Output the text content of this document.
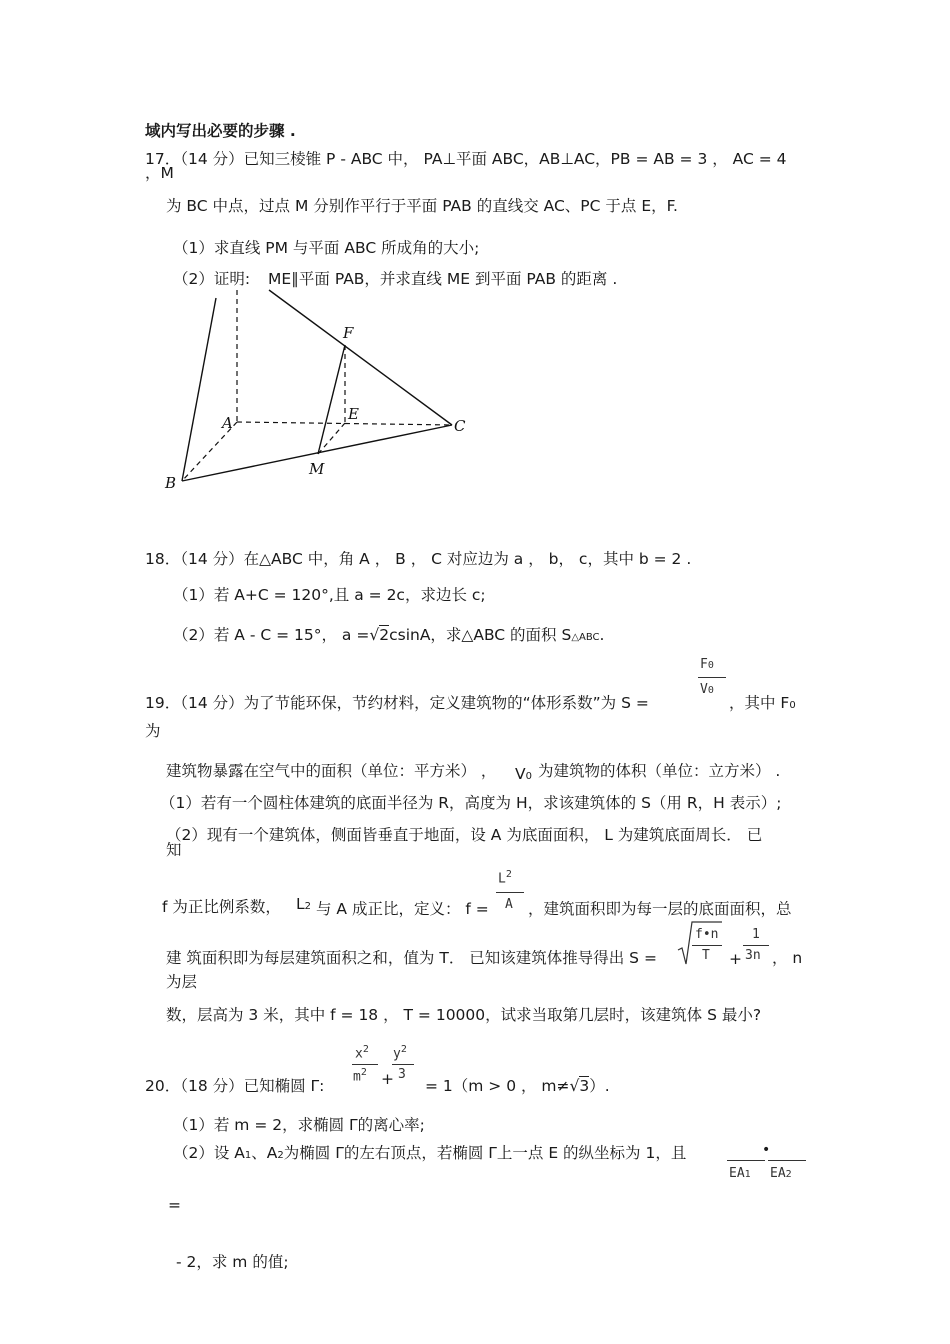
域内写出必要的步骤 .
17．（14 分）已知三棱锥 P - ABC 中， PA⊥平面 ABC，AB⊥AC，PB = AB = 3 ， AC = 4
，M
为 BC 中点，过点 M 分别作平行于平面 PAB 的直线交 AC、PC 于点 E，F.
（1）求直线 PM 与平面 ABC 所成角的大小;
（2）证明: ME∥平面 PAB，并求直线 ME 到平面 PAB 的距离 .
F
E
A	C
M
B
18．（14 分）在△ABC 中，角 A ， B ， C 对应边为 a ， b， c，其中 b = 2 .
（1）若 A+C = 120°,且 a = 2c，求边长 c;
（2）若 A - C = 15°， a =√2csinA，求△ABC 的面积 S△ABC.
F0
V0
19．（14 分）为了节能环保，节约材料，定义建筑物的“体形系数”为 S =	，其中 F0
为
建筑物暴露在空气中的面积（单位：平方米） ， V0 为建筑物的体积（单位：立方米） .
（1）若有一个圆柱体建筑的底面半径为 R，高度为 H，求该建筑体的 S（用 R，H 表示）;
（2）现有一个建筑体，侧面皆垂直于地面，设 A 为底面面积， L 为建筑底面周长． 已
知
$L^2$
A
f 为正比例系数， L2 与 A 成正比，定义： f =	，建筑面积即为每一层的底面面积，总
建 筑面积即为每层建筑面积之和，值为 T． 已知该建筑体推导得出 S =
f•n
T +
1
3n ， n
为层
数，层高为 3 米，其中 f = 18 ， T = 10000，试求当取第几层时，该建筑体 S 最小?
$x^2$
$m^2$ +
$y^2$
3
20．（18 分）已知椭圆 Γ:	= 1（m > 0 ， m≠√3）.
（1）若 m = 2，求椭圆 Γ的离心率;
（2）设 A1、A2为椭圆 Γ的左右顶点，若椭圆 Γ上一点 E 的纵坐标为 1，且	•
EA1 EA2
=
- 2，求 m 的值;
